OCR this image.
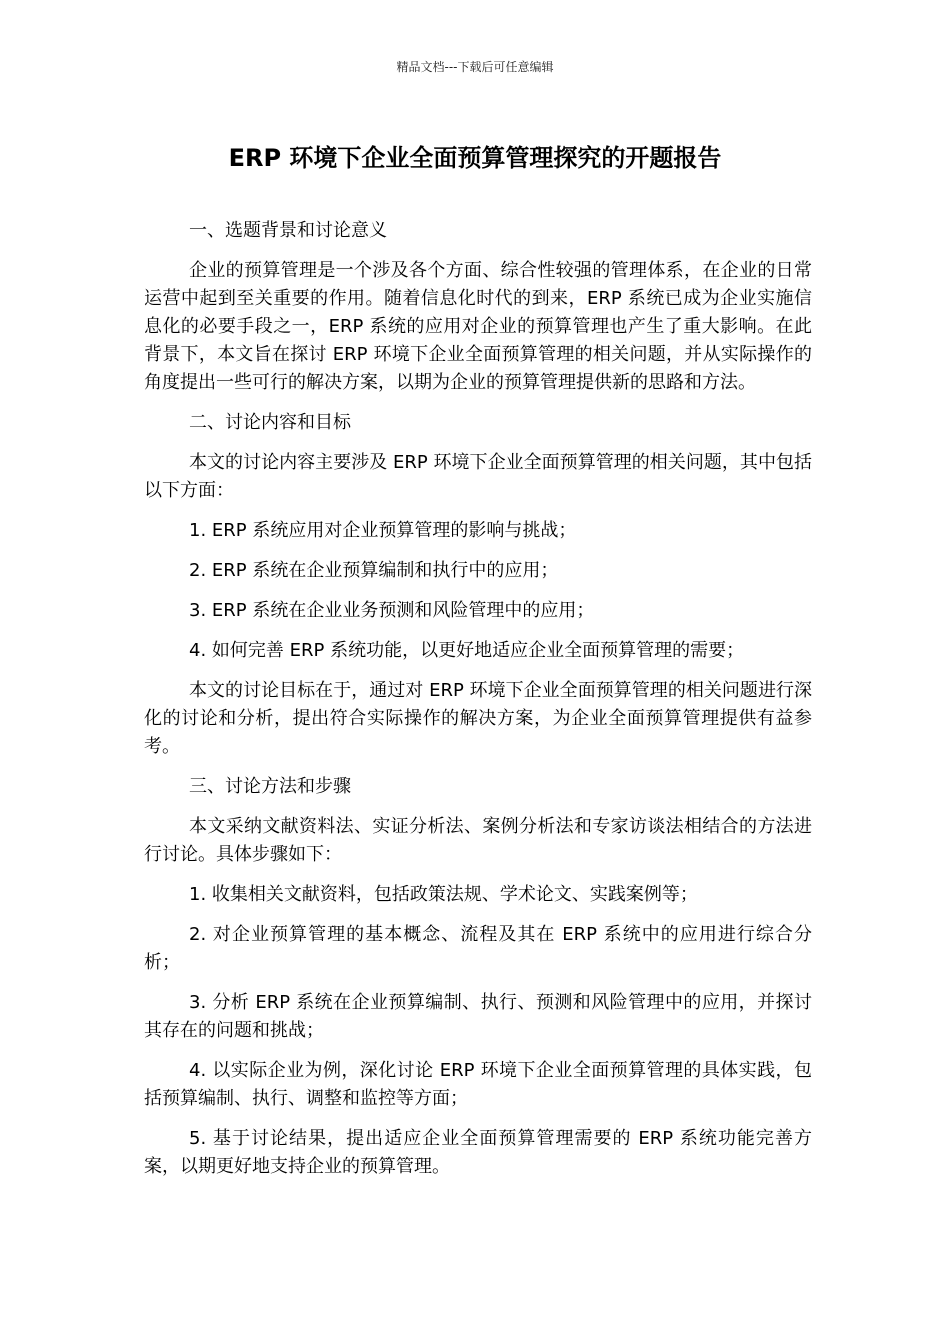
精品文档---下载后可任意编辑
ERP 环境下企业全面预算管理探究的开题报告

一、选题背景和讨论意义

企业的预算管理是一个涉及各个方面、综合性较强的管理体系，在企业的日常运营中起到至关重要的作用。随着信息化时代的到来，ERP 系统已成为企业实施信息化的必要手段之一，ERP 系统的应用对企业的预算管理也产生了重大影响。在此背景下，本文旨在探讨 ERP 环境下企业全面预算管理的相关问题，并从实际操作的角度提出一些可行的解决方案，以期为企业的预算管理提供新的思路和方法。

二、讨论内容和目标

本文的讨论内容主要涉及 ERP 环境下企业全面预算管理的相关问题，其中包括以下方面：

1. ERP 系统应用对企业预算管理的影响与挑战；

2. ERP 系统在企业预算编制和执行中的应用；

3. ERP 系统在企业业务预测和风险管理中的应用；

4. 如何完善 ERP 系统功能，以更好地适应企业全面预算管理的需要；

本文的讨论目标在于，通过对 ERP 环境下企业全面预算管理的相关问题进行深化的讨论和分析，提出符合实际操作的解决方案，为企业全面预算管理提供有益参考。

三、讨论方法和步骤

本文采纳文献资料法、实证分析法、案例分析法和专家访谈法相结合的方法进行讨论。具体步骤如下：

1. 收集相关文献资料，包括政策法规、学术论文、实践案例等；

2. 对企业预算管理的基本概念、流程及其在 ERP 系统中的应用进行综合分析；

3. 分析 ERP 系统在企业预算编制、执行、预测和风险管理中的应用，并探讨其存在的问题和挑战；

4. 以实际企业为例，深化讨论 ERP 环境下企业全面预算管理的具体实践，包括预算编制、执行、调整和监控等方面；

5. 基于讨论结果，提出适应企业全面预算管理需要的 ERP 系统功能完善方案，以期更好地支持企业的预算管理。
